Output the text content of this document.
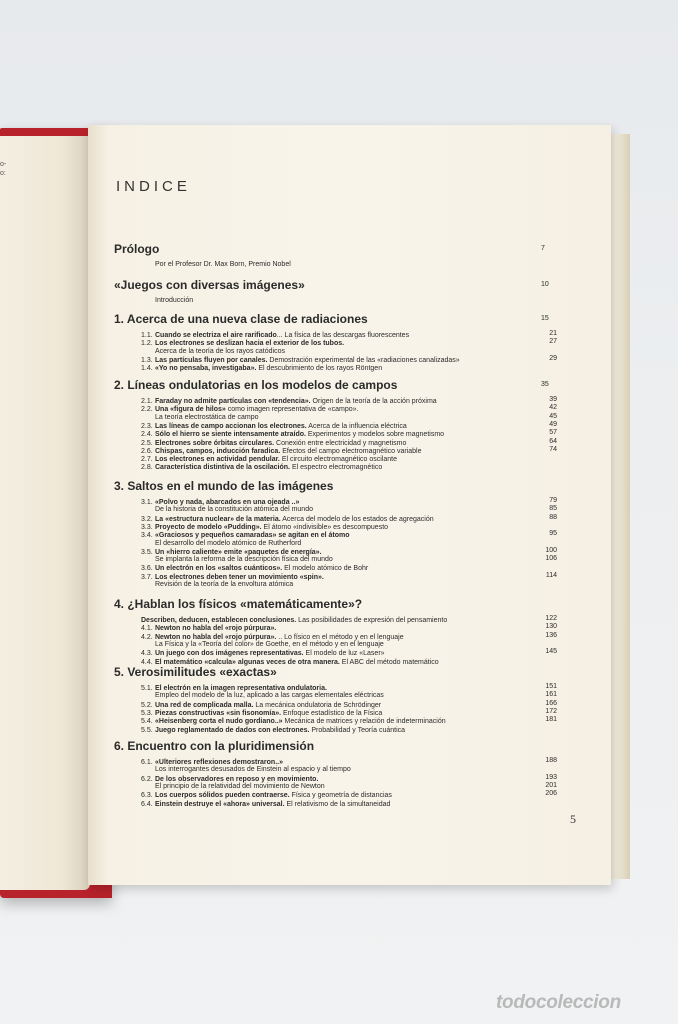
o-
o:
INDICE
Prólogo	7
Por el Profesor Dr. Max Born, Premio Nobel
«Juegos con diversas imágenes»	10
Introducción
1. Acerca de una nueva clase de radiaciones	15
1.1. Cuando se electriza el aire rarificado... La física de las descargas fluorescentes	21
1.2. Los electrones se deslizan hacia el exterior de los tubos.	27
Acerca de la teoría de los rayos catódicos
1.3. Las partículas fluyen por canales. Demostración experimental de las «radiaciones canalizadas»	29
1.4. «Yo no pensaba, investigaba». El descubrimiento de los rayos Röntgen
2. Líneas ondulatorias en los modelos de campos	35
2.1. Faraday no admite partículas con «tendencia». Origen de la teoría de la acción próxima	39
2.2. Una «figura de hilos» como imagen representativa de «campo».	42
La teoría electrostática de campo	45
2.3. Las líneas de campo accionan los electrones. Acerca de la influencia eléctrica	49
2.4. Sólo el hierro se siente intensamente atraído. Experimentos y modelos sobre magnetismo	57
2.5. Electrones sobre órbitas circulares. Conexión entre electricidad y magnetismo	64
2.6. Chispas, campos, inducción faradica. Efectos del campo electromagnético variable	74
2.7. Los electrones en actividad pendular. El circuito electromagnético oscilante
2.8. Característica distintiva de la oscilación. El espectro electromagnético
3. Saltos en el mundo de las imágenes
3.1. «Polvo y nada, abarcados en una ojeada ..»	79
De la historia de la constitución atómica del mundo	85
3.2. La «estructura nuclear» de la materia. Acerca del modelo de los estados de agregación	88
3.3. Proyecto de modelo «Pudding». El átomo «indivisible» es descompuesto
3.4. «Graciosos y pequeños camaradas» se agitan en el átomo	95
El desarrollo del modelo atómico de Rutherford
3.5. Un «hierro caliente» emite «paquetes de energía».	100
Se implanta la reforma de la descripción física del mundo	106
3.6. Un electrón en los «saltos cuánticos». El modelo atómico de Bohr
3.7. Los electrones deben tener un movimiento «spin».	114
Revisión de la teoría de la envoltura atómica
4. ¿Hablan los físicos «matemáticamente»?
Describen, deducen, establecen conclusiones. Las posibilidades de expresión del pensamiento	122
4.1. Newton no habla del «rojo púrpura».	130
4.2. Newton no habla del «rojo púrpura». .. Lo físico en el método y en el lenguaje	136
La Física y la «Teoría del color» de Goethe, en el método y en el lenguaje
4.3. Un juego con dos imágenes representativas. El modelo de luz «Laser»	145
4.4. El matemático «calcula» algunas veces de otra manera. El ABC del método matemático
5. Verosimilitudes «exactas»
5.1. El electrón en la imagen representativa ondulatoria.	151
Empleo del modelo de la luz, aplicado a las cargas elementales eléctricas	161
5.2. Una red de complicada malla. La mecánica ondulatoria de Schrödinger	166
5.3. Piezas constructivas «sin fisonomía». Enfoque estadístico de la Física	172
5.4. «Heisenberg corta el nudo gordiano..» Mecánica de matrices y relación de indeterminación	181
5.5. Juego reglamentado de dados con electrones. Probabilidad y Teoría cuántica
6. Encuentro con la pluridimensión
6.1. «Ulteriores reflexiones demostraron..»	188
Los interrogantes desusados de Einstein al espacio y al tiempo
6.2. De los observadores en reposo y en movimiento.	193
El principio de la relatividad del movimiento de Newton	201
6.3. Los cuerpos sólidos pueden contraerse. Física y geometría de distancias	206
6.4. Einstein destruye el «ahora» universal. El relativismo de la simultaneidad
5
todocoleccion
